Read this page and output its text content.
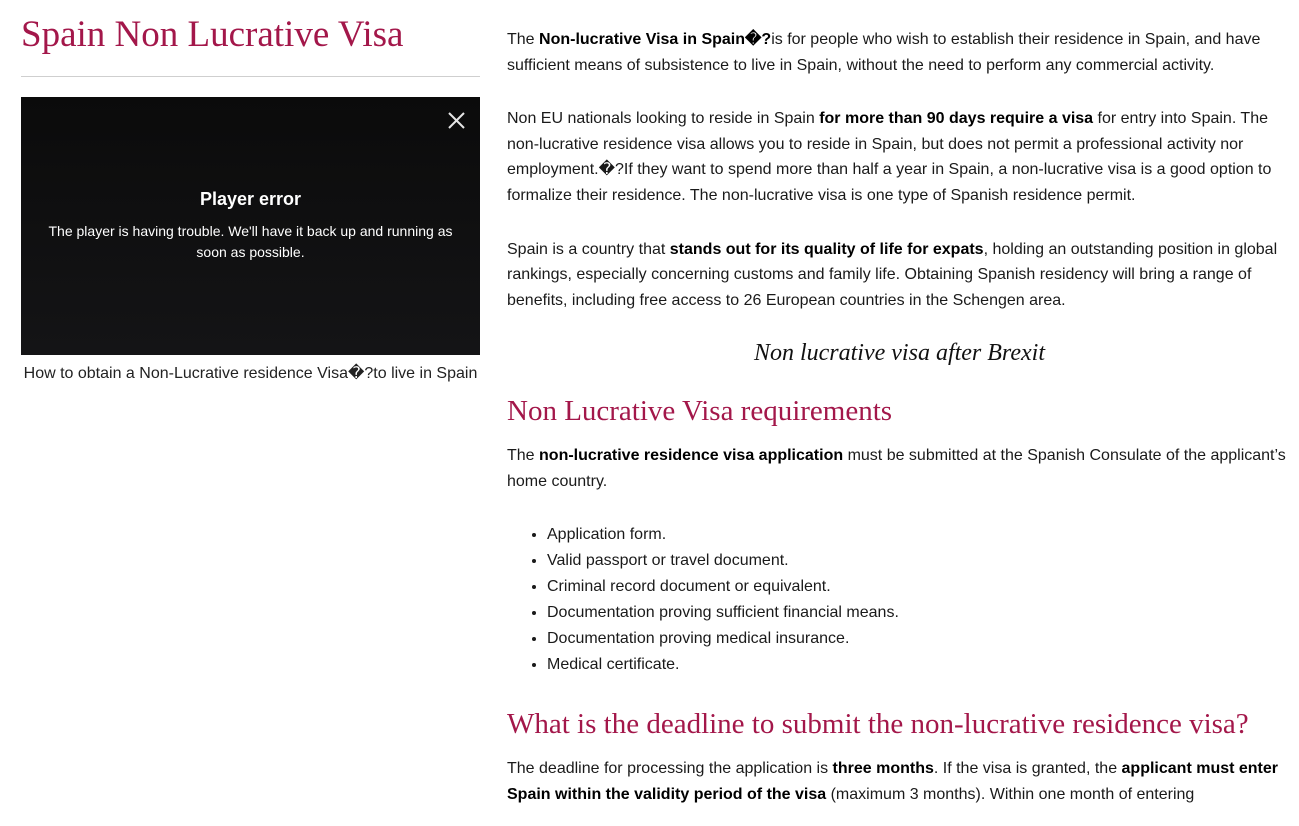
Spain Non Lucrative Visa
Player error
The player is having trouble. We'll have it back up and running as soon as possible.
How to obtain a Non-Lucrative residence Visa�?to live in Spain

The Non-lucrative Visa in Spain�?is for people who wish to establish their residence in Spain, and have sufficient means of subsistence to live in Spain, without the need to perform any commercial activity.

Non EU nationals looking to reside in Spain for more than 90 days require a visa for entry into Spain. The non-lucrative residence visa allows you to reside in Spain, but does not permit a professional activity nor employment.�?If they want to spend more than half a year in Spain, a non-lucrative visa is a good option to formalize their residence. The non-lucrative visa is one type of Spanish residence permit.

Spain is a country that stands out for its quality of life for expats, holding an outstanding position in global rankings, especially concerning customs and family life. Obtaining Spanish residency will bring a range of benefits, including free access to 26 European countries in the Schengen area.

Non lucrative visa after Brexit
Non Lucrative Visa requirements

The non-lucrative residence visa application must be submitted at the Spanish Consulate of the applicant’s home country.

• Application form.
• Valid passport or travel document.
• Criminal record document or equivalent.
• Documentation proving sufficient financial means.
• Documentation proving medical insurance.
• Medical certificate.
What is the deadline to submit the non-lucrative residence visa?

The deadline for processing the application is three months. If the visa is granted, the applicant must enter Spain within the validity period of the visa (maximum 3 months). Within one month of entering
